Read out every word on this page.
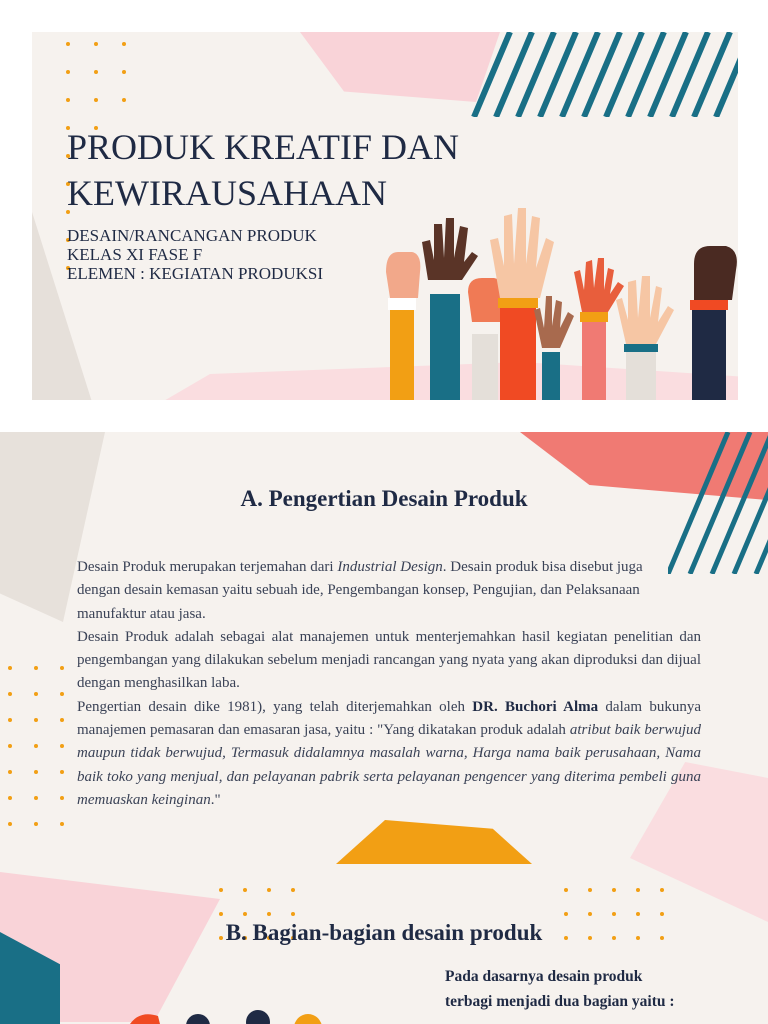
PRODUK KREATIF DAN
KEWIRAUSAHAAN
DESAIN/RANCANGAN PRODUK
KELAS XI FASE F
ELEMEN : KEGIATAN PRODUKSI
A. Pengertian Desain Produk

Desain Produk merupakan terjemahan dari Industrial Design. Desain produk bisa disebut juga

dengan desain kemasan yaitu sebuah ide, Pengembangan konsep, Pengujian, dan Pelaksanaan

manufaktur atau jasa.

Desain Produk adalah sebagai alat manajemen untuk menterjemahkan hasil kegiatan penelitian dan pengembangan yang dilakukan sebelum menjadi rancangan yang nyata yang akan diproduksi dan dijual dengan menghasilkan laba.

Pengertian desain dike 1981), yang telah diterjemahkan oleh DR. Buchori Alma dalam bukunya manajemen pemasaran dan emasaran jasa, yaitu : "Yang dikatakan produk adalah atribut baik berwujud maupun tidak berwujud, Termasuk didalamnya masalah warna, Harga nama baik perusahaan, Nama baik toko yang menjual, dan pelayanan pabrik serta pelayanan pengencer yang diterima pembeli guna memuaskan keinginan."

B. Bagian-bagian desain produk
Pada dasarnya desain produk
terbagi menjadi dua bagian yaitu :
